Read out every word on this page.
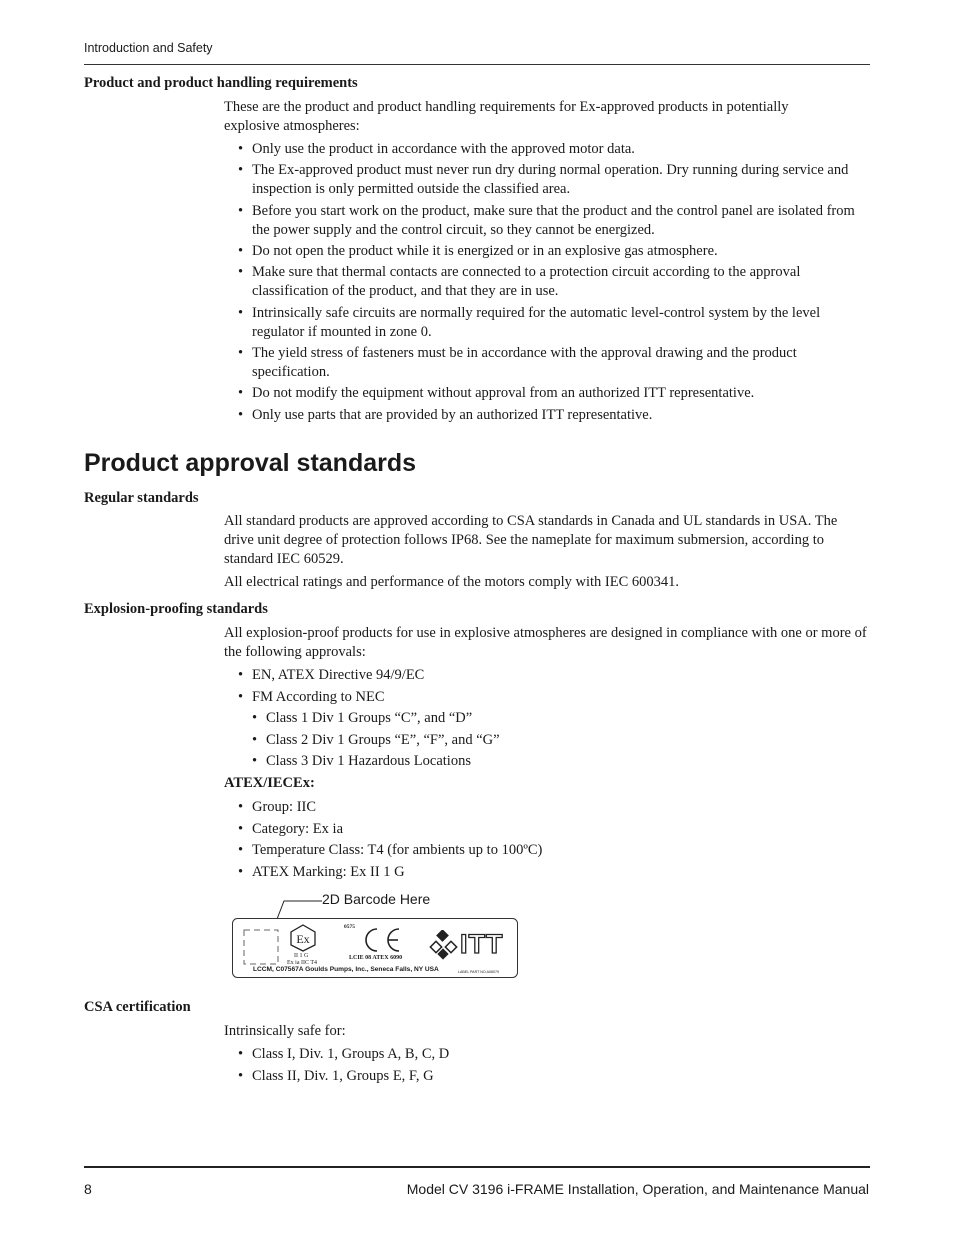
Introduction and Safety
Product and product handling requirements
These are the product and product handling requirements for Ex-approved products in potentially
explosive atmospheres:
• Only use the product in accordance with the approved motor data.
• The Ex-approved product must never run dry during normal operation. Dry running during service and inspection is only permitted outside the classified area.
• Before you start work on the product, make sure that the product and the control panel are isolated from the power supply and the control circuit, so they cannot be energized.
• Do not open the product while it is energized or in an explosive gas atmosphere.
• Make sure that thermal contacts are connected to a protection circuit according to the approval classification of the product, and that they are in use.
• Intrinsically safe circuits are normally required for the automatic level-control system by the level regulator if mounted in zone 0.
• The yield stress of fasteners must be in accordance with the approval drawing and the product specification.
• Do not modify the equipment without approval from an authorized ITT representative.
• Only use parts that are provided by an authorized ITT representative.
Product approval standards
Regular standards
All standard products are approved according to CSA standards in Canada and UL standards in USA. The drive unit degree of protection follows IP68. See the nameplate for maximum submersion, according to standard IEC 60529.
All electrical ratings and performance of the motors comply with IEC 600341.
Explosion-proofing standards
All explosion-proof products for use in explosive atmospheres are designed in compliance with one or more of the following approvals:
• EN, ATEX Directive 94/9/EC
• FM According to NEC
• Class 1 Div 1 Groups “C”, and “D”
• Class 2 Div 1 Groups “E”, “F”, and “G”
• Class 3 Div 1 Hazardous Locations
ATEX/IECEx:
• Group: IIC
• Category: Ex ia
• Temperature Class: T4 (for ambients up to 100ºC)
• ATEX Marking: Ex II 1 G
2D Barcode Here
Ex
II 1 G
Ex ia IIC T4
0575
LCIE 08 ATEX 6090 ITT
LCCM, C07567A Goulds Pumps, Inc., Seneca Falls, NY USA	LABEL PART NO.A08079
CSA certification
Intrinsically safe for:
• Class I, Div. 1, Groups A, B, C, D
• Class II, Div. 1, Groups E, F, G
8	Model CV 3196 i-FRAME Installation, Operation, and Maintenance Manual
